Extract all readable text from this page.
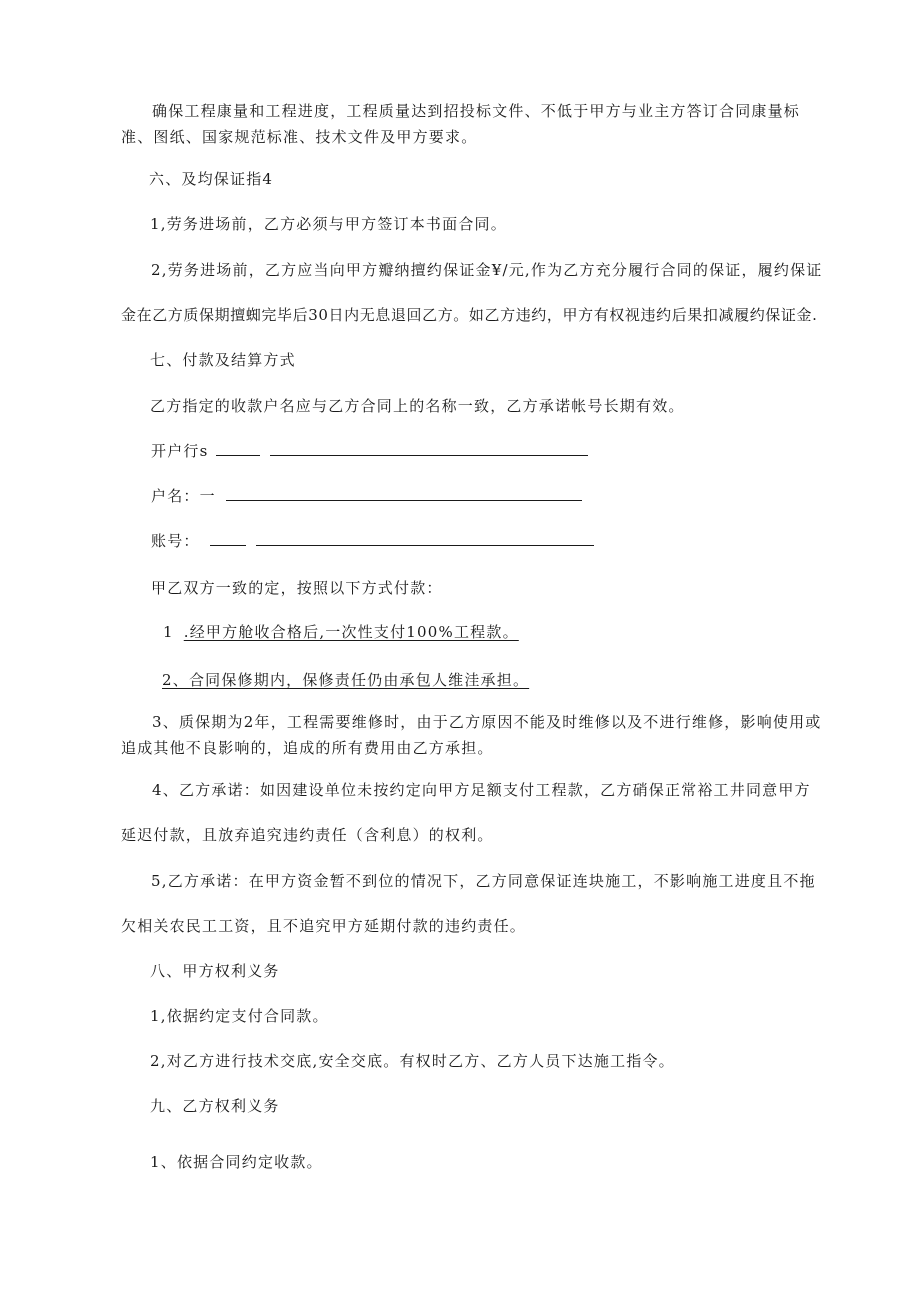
确保工程康量和工程进度，工程质量达到招投标文件、不低于甲方与业主方答订合同康量标
准、图纸、国家规范标准、技术文件及甲方要求。
六、及均保证指4
1,劳务进场前，乙方必须与甲方签订本书面合同。
2,劳务进场前，乙方应当向甲方瓣纳擅约保证金¥/元,作为乙方充分履行合同的保证，履约保证
金在乙方质保期擅蜘完毕后30日内无息退回乙方。如乙方违约，甲方有权视违约后果扣减履约保证金.
七、付款及结算方式
乙方指定的收款户名应与乙方合同上的名称一致，乙方承诺帐号长期有效。
开户行s
户名：一
账号：
甲乙双方一致的定，按照以下方式付款：
1 .经甲方舱收合格后,一次性支付100%工程款。
2、合同保修期内，保修责任仍由承包人维洼承担。
3、质保期为2年，工程需要维修时，由于乙方原因不能及时维修以及不进行维修，影响使用或
追成其他不良影响的，追成的所有费用由乙方承担。
4、乙方承诺：如因建设单位未按约定向甲方足额支付工程款，乙方硝保正常裕工井同意甲方
延迟付款，且放弃追究违约责任（含利息）的权利。
5,乙方承诺：在甲方资金暂不到位的情况下，乙方同意保证连块施工，不影响施工进度且不拖
欠相关农民工工资，且不追究甲方延期付款的违约责任。
八、甲方权利义务
1,依据约定支付合同款。
2,对乙方进行技术交底,安全交底。有权时乙方、乙方人员下达施工指令。
九、乙方权利义务
1、依据合同约定收款。
